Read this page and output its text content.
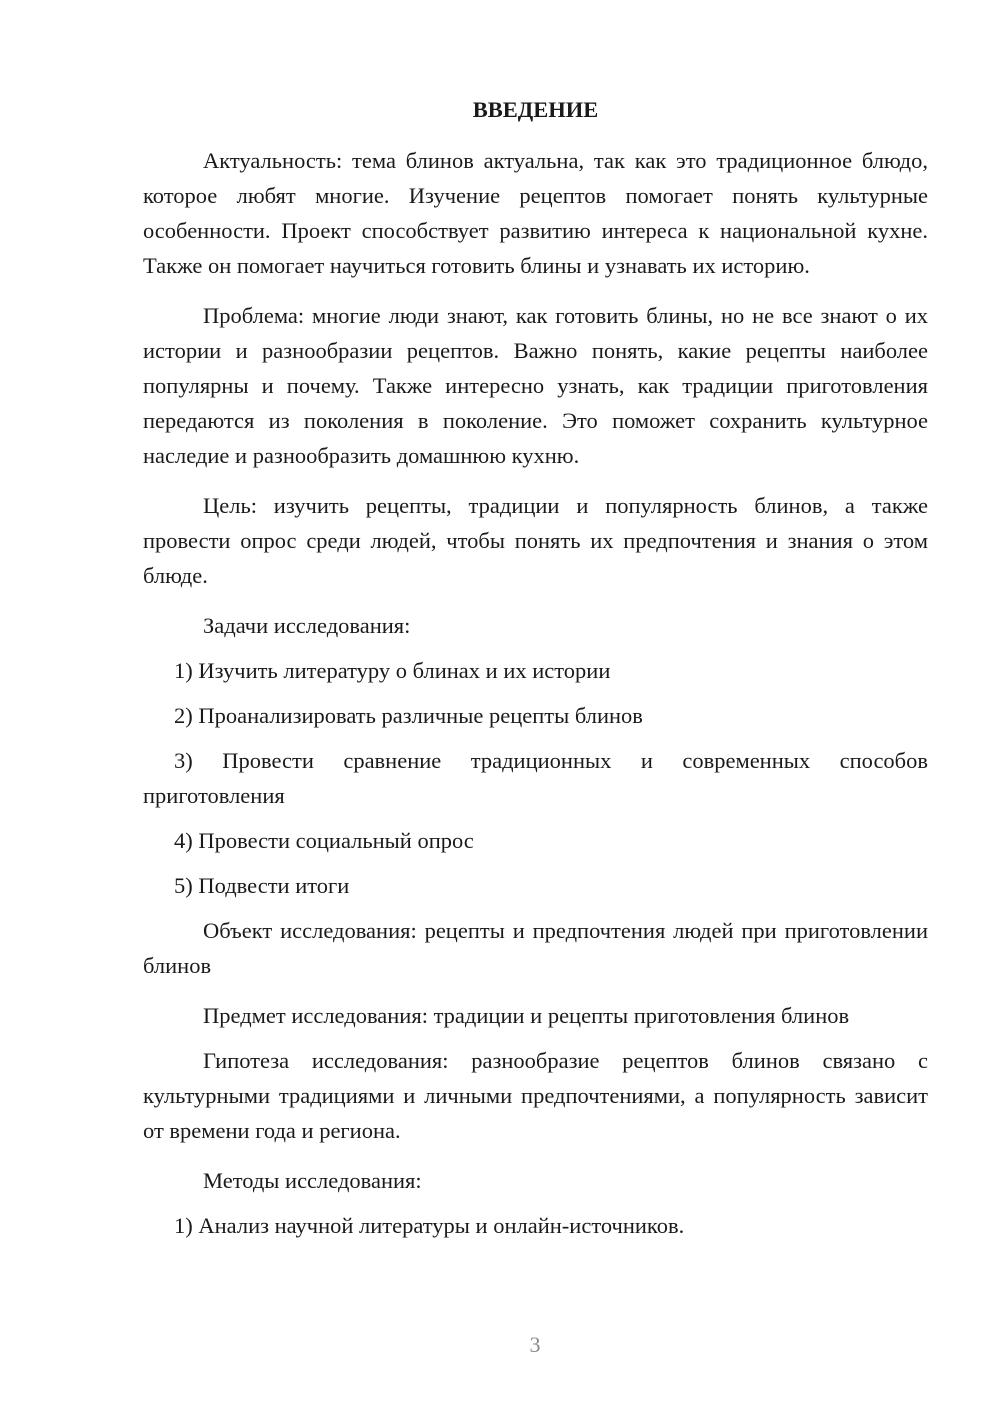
ВВЕДЕНИЕ

Актуальность: тема блинов актуальна, так как это традиционное блюдо, которое любят многие. Изучение рецептов помогает понять культурные особенности. Проект способствует развитию интереса к национальной кухне. Также он помогает научиться готовить блины и узнавать их историю.

Проблема: многие люди знают, как готовить блины, но не все знают о их истории и разнообразии рецептов. Важно понять, какие рецепты наиболее популярны и почему. Также интересно узнать, как традиции приготовления передаются из поколения в поколение. Это поможет сохранить культурное наследие и разнообразить домашнюю кухню.

Цель: изучить рецепты, традиции и популярность блинов, а также провести опрос среди людей, чтобы понять их предпочтения и знания о этом блюде.

Задачи исследования:

1) Изучить литературу о блинах и их истории

2) Проанализировать различные рецепты блинов

3) Провести сравнение традиционных и современных способов приготовления

4) Провести социальный опрос

5) Подвести итоги

Объект исследования: рецепты и предпочтения людей при приготовлении блинов

Предмет исследования: традиции и рецепты приготовления блинов

Гипотеза исследования: разнообразие рецептов блинов связано с культурными традициями и личными предпочтениями, а популярность зависит от времени года и региона.

Методы исследования:

1) Анализ научной литературы и онлайн-источников.

3
